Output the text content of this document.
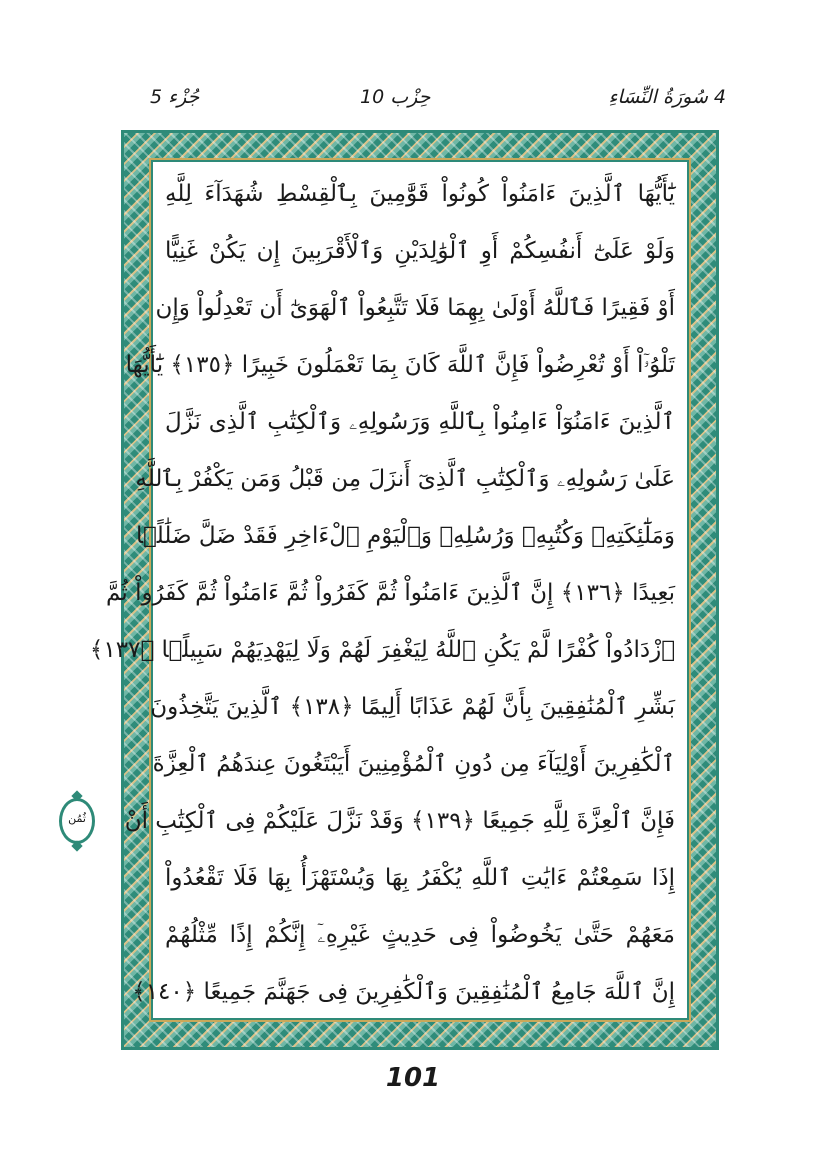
4 سُورَةُ النِّسَاءِ
حِزْب 10
جُزْء 5
يَٰٓأَيُّهَا ٱلَّذِينَ ءَامَنُواْ كُونُواْ قَوَّٰمِينَ بِٱلْقِسْطِ شُهَدَآءَ لِلَّهِ
وَلَوْ عَلَىٰٓ أَنفُسِكُمْ أَوِ ٱلْوَٰلِدَيْنِ وَٱلْأَقْرَبِينَ إِن يَكُنْ غَنِيًّا
أَوْ فَقِيرًا فَٱللَّهُ أَوْلَىٰ بِهِمَا فَلَا تَتَّبِعُواْ ٱلْهَوَىٰٓ أَن تَعْدِلُواْ وَإِن
تَلْوُۥٓاْ أَوْ تُعْرِضُواْ فَإِنَّ ٱللَّهَ كَانَ بِمَا تَعْمَلُونَ خَبِيرًا ﴿١٣٥﴾ يَٰٓأَيُّهَا
ٱلَّذِينَ ءَامَنُوٓاْ ءَامِنُواْ بِٱللَّهِ وَرَسُولِهِۦ وَٱلْكِتَٰبِ ٱلَّذِى نَزَّلَ
عَلَىٰ رَسُولِهِۦ وَٱلْكِتَٰبِ ٱلَّذِىٓ أَنزَلَ مِن قَبْلُ وَمَن يَكْفُرْ بِٱللَّهِ
وَمَلَٰٓئِكَتِهِۦ وَكُتُبِهِۦ وَرُسُلِهِۦ وَٱلْيَوْمِ ٱلْءَاخِرِ فَقَدْ ضَلَّ ضَلَٰلًۢا
بَعِيدًا ﴿١٣٦﴾ إِنَّ ٱلَّذِينَ ءَامَنُواْ ثُمَّ كَفَرُواْ ثُمَّ ءَامَنُواْ ثُمَّ كَفَرُواْ ثُمَّ
ٱزْدَادُواْ كُفْرًا لَّمْ يَكُنِ ٱللَّهُ لِيَغْفِرَ لَهُمْ وَلَا لِيَهْدِيَهُمْ سَبِيلًۢا ﴿١٣٧﴾
بَشِّرِ ٱلْمُنَٰفِقِينَ بِأَنَّ لَهُمْ عَذَابًا أَلِيمًا ﴿١٣٨﴾ ٱلَّذِينَ يَتَّخِذُونَ
ٱلْكَٰفِرِينَ أَوْلِيَآءَ مِن دُونِ ٱلْمُؤْمِنِينَ أَيَبْتَغُونَ عِندَهُمُ ٱلْعِزَّةَ
فَإِنَّ ٱلْعِزَّةَ لِلَّهِ جَمِيعًا ﴿١٣٩﴾ وَقَدْ نَزَّلَ عَلَيْكُمْ فِى ٱلْكِتَٰبِ أَنْ
إِذَا سَمِعْتُمْ ءَايَٰتِ ٱللَّهِ يُكْفَرُ بِهَا وَيُسْتَهْزَأُ بِهَا فَلَا تَقْعُدُواْ
مَعَهُمْ حَتَّىٰ يَخُوضُواْ فِى حَدِيثٍ غَيْرِهِۦٓ إِنَّكُمْ إِذًا مِّثْلُهُمْ
إِنَّ ٱللَّهَ جَامِعُ ٱلْمُنَٰفِقِينَ وَٱلْكَٰفِرِينَ فِى جَهَنَّمَ جَمِيعًا ﴿١٤٠﴾
ثُمُن
101
